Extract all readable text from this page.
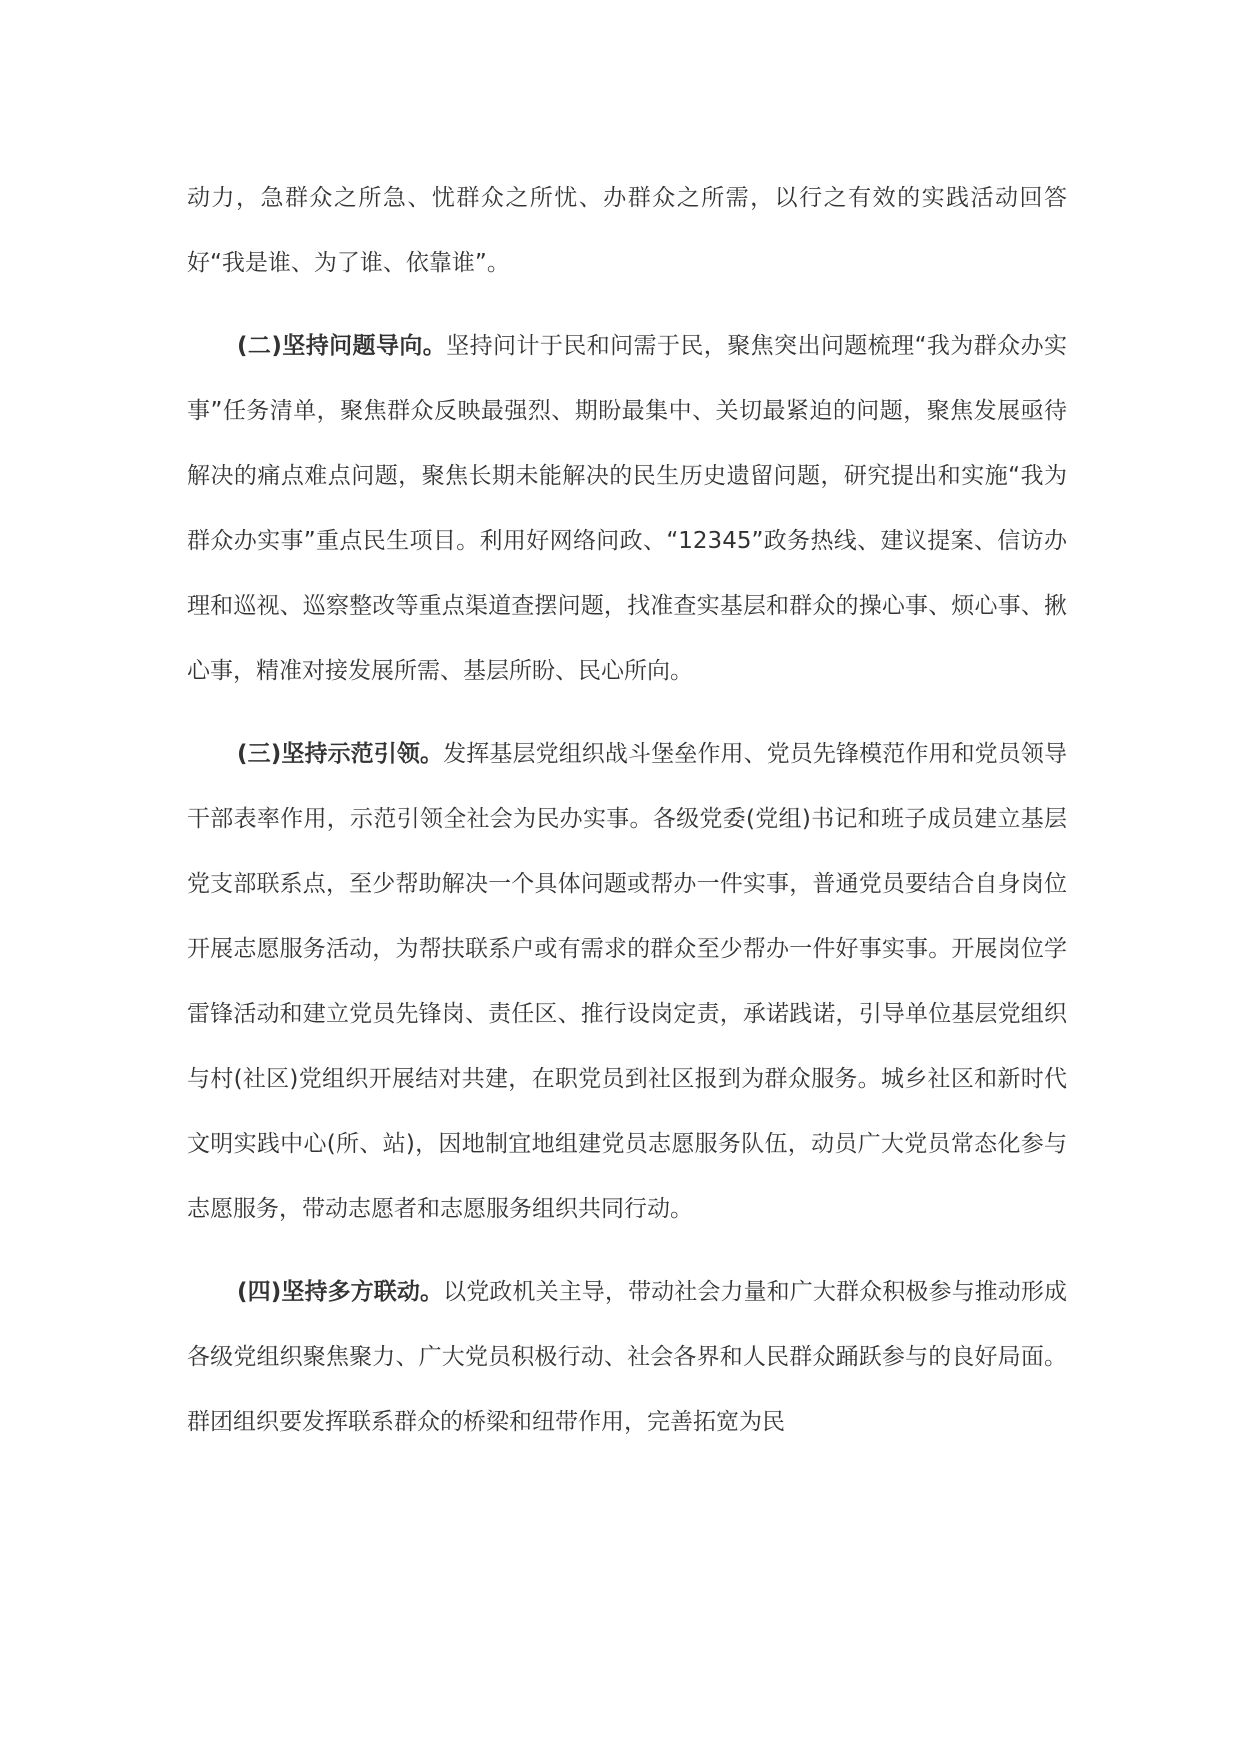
动力，急群众之所急、忧群众之所忧、办群众之所需，以行之有效的实践活动回答好“我是谁、为了谁、依靠谁”。

(二)坚持问题导向。坚持问计于民和问需于民，聚焦突出问题梳理“我为群众办实事”任务清单，聚焦群众反映最强烈、期盼最集中、关切最紧迫的问题，聚焦发展亟待解决的痛点难点问题，聚焦长期未能解决的民生历史遗留问题，研究提出和实施“我为群众办实事”重点民生项目。利用好网络问政、“12345”政务热线、建议提案、信访办理和巡视、巡察整改等重点渠道查摆问题，找准查实基层和群众的操心事、烦心事、揪心事，精准对接发展所需、基层所盼、民心所向。

(三)坚持示范引领。发挥基层党组织战斗堡垒作用、党员先锋模范作用和党员领导干部表率作用，示范引领全社会为民办实事。各级党委(党组)书记和班子成员建立基层党支部联系点，至少帮助解决一个具体问题或帮办一件实事，普通党员要结合自身岗位开展志愿服务活动，为帮扶联系户或有需求的群众至少帮办一件好事实事。开展岗位学雷锋活动和建立党员先锋岗、责任区、推行设岗定责，承诺践诺，引导单位基层党组织与村(社区)党组织开展结对共建，在职党员到社区报到为群众服务。城乡社区和新时代文明实践中心(所、站)，因地制宜地组建党员志愿服务队伍，动员广大党员常态化参与志愿服务，带动志愿者和志愿服务组织共同行动。

(四)坚持多方联动。以党政机关主导，带动社会力量和广大群众积极参与推动形成各级党组织聚焦聚力、广大党员积极行动、社会各界和人民群众踊跃参与的良好局面。群团组织要发挥联系群众的桥梁和纽带作用，完善拓宽为民
